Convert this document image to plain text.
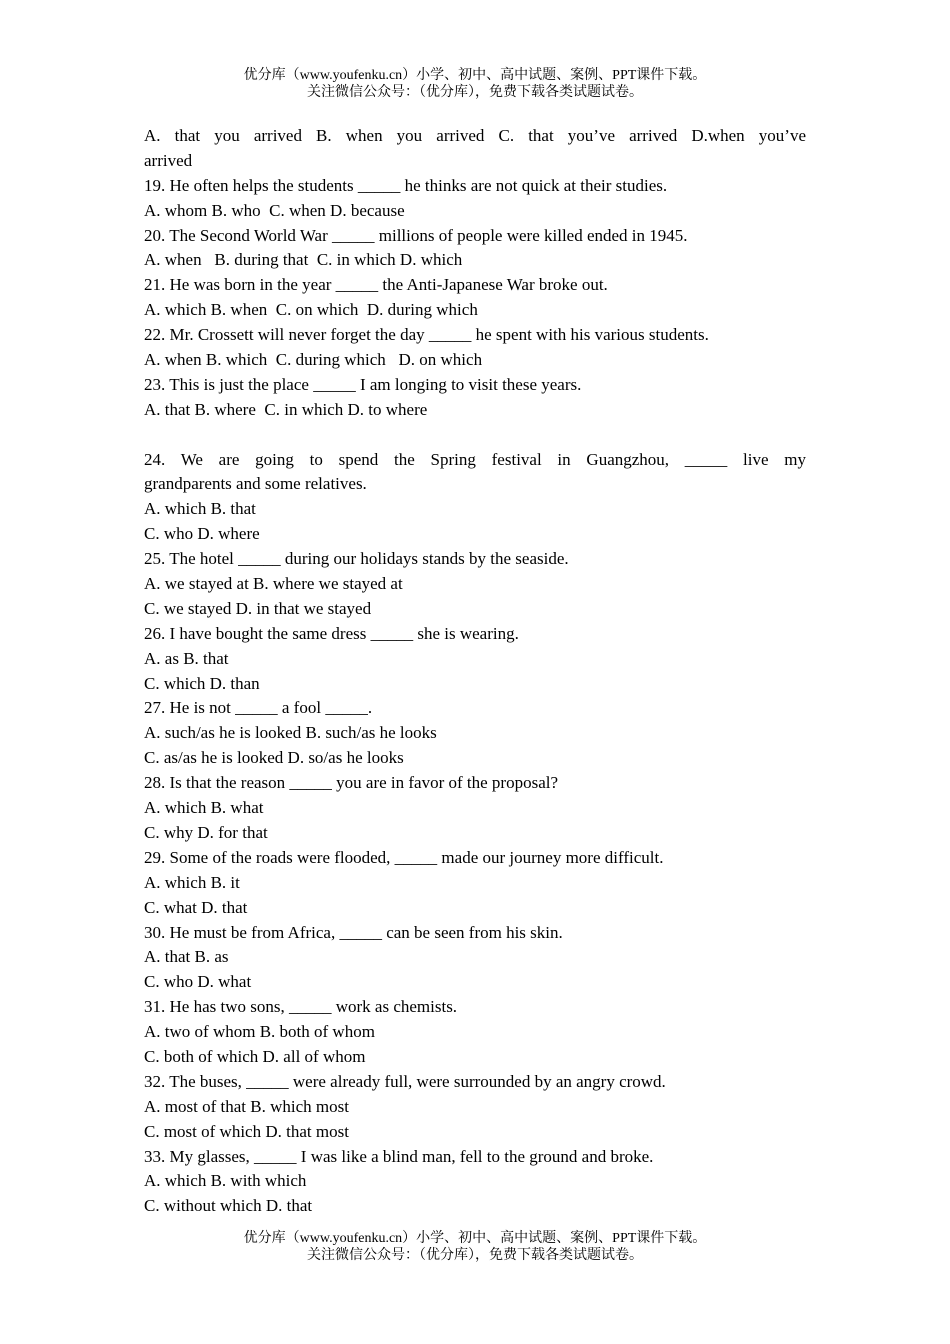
优分库（www.youfenku.cn）小学、初中、高中试题、案例、PPT课件下载。
关注微信公众号：（优分库），免费下载各类试题试卷。
A. that you arrived B. when you arrived C. that you’ve arrived D.when you’ve
arrived
19. He often helps the students _____ he thinks are not quick at their studies.
A. whom B. who  C. when D. because
20. The Second World War _____ millions of people were killed ended in 1945.
A. when   B. during that  C. in which D. which
21. He was born in the year _____ the Anti-Japanese War broke out.
A. which B. when  C. on which  D. during which
22. Mr. Crossett will never forget the day _____ he spent with his various students.
A. when B. which  C. during which   D. on which
23. This is just the place _____ I am longing to visit these years.
A. that B. where  C. in which D. to where
24. We are going to spend the Spring festival in Guangzhou, _____ live my
grandparents and some relatives.
A. which B. that
C. who D. where
25. The hotel _____ during our holidays stands by the seaside.
A. we stayed at B. where we stayed at
C. we stayed D. in that we stayed
26. I have bought the same dress _____ she is wearing.
A. as B. that
C. which D. than
27. He is not _____ a fool _____.
A. such/as he is looked B. such/as he looks
C. as/as he is looked D. so/as he looks
28. Is that the reason _____ you are in favor of the proposal?
A. which B. what
C. why D. for that
29. Some of the roads were flooded, _____ made our journey more difficult.
A. which B. it
C. what D. that
30. He must be from Africa, _____ can be seen from his skin.
A. that B. as
C. who D. what
31. He has two sons, _____ work as chemists.
A. two of whom B. both of whom
C. both of which D. all of whom
32. The buses, _____ were already full, were surrounded by an angry crowd.
A. most of that B. which most
C. most of which D. that most
33. My glasses, _____ I was like a blind man, fell to the ground and broke.
A. which B. with which
C. without which D. that
优分库（www.youfenku.cn）小学、初中、高中试题、案例、PPT课件下载。
关注微信公众号：（优分库），免费下载各类试题试卷。
